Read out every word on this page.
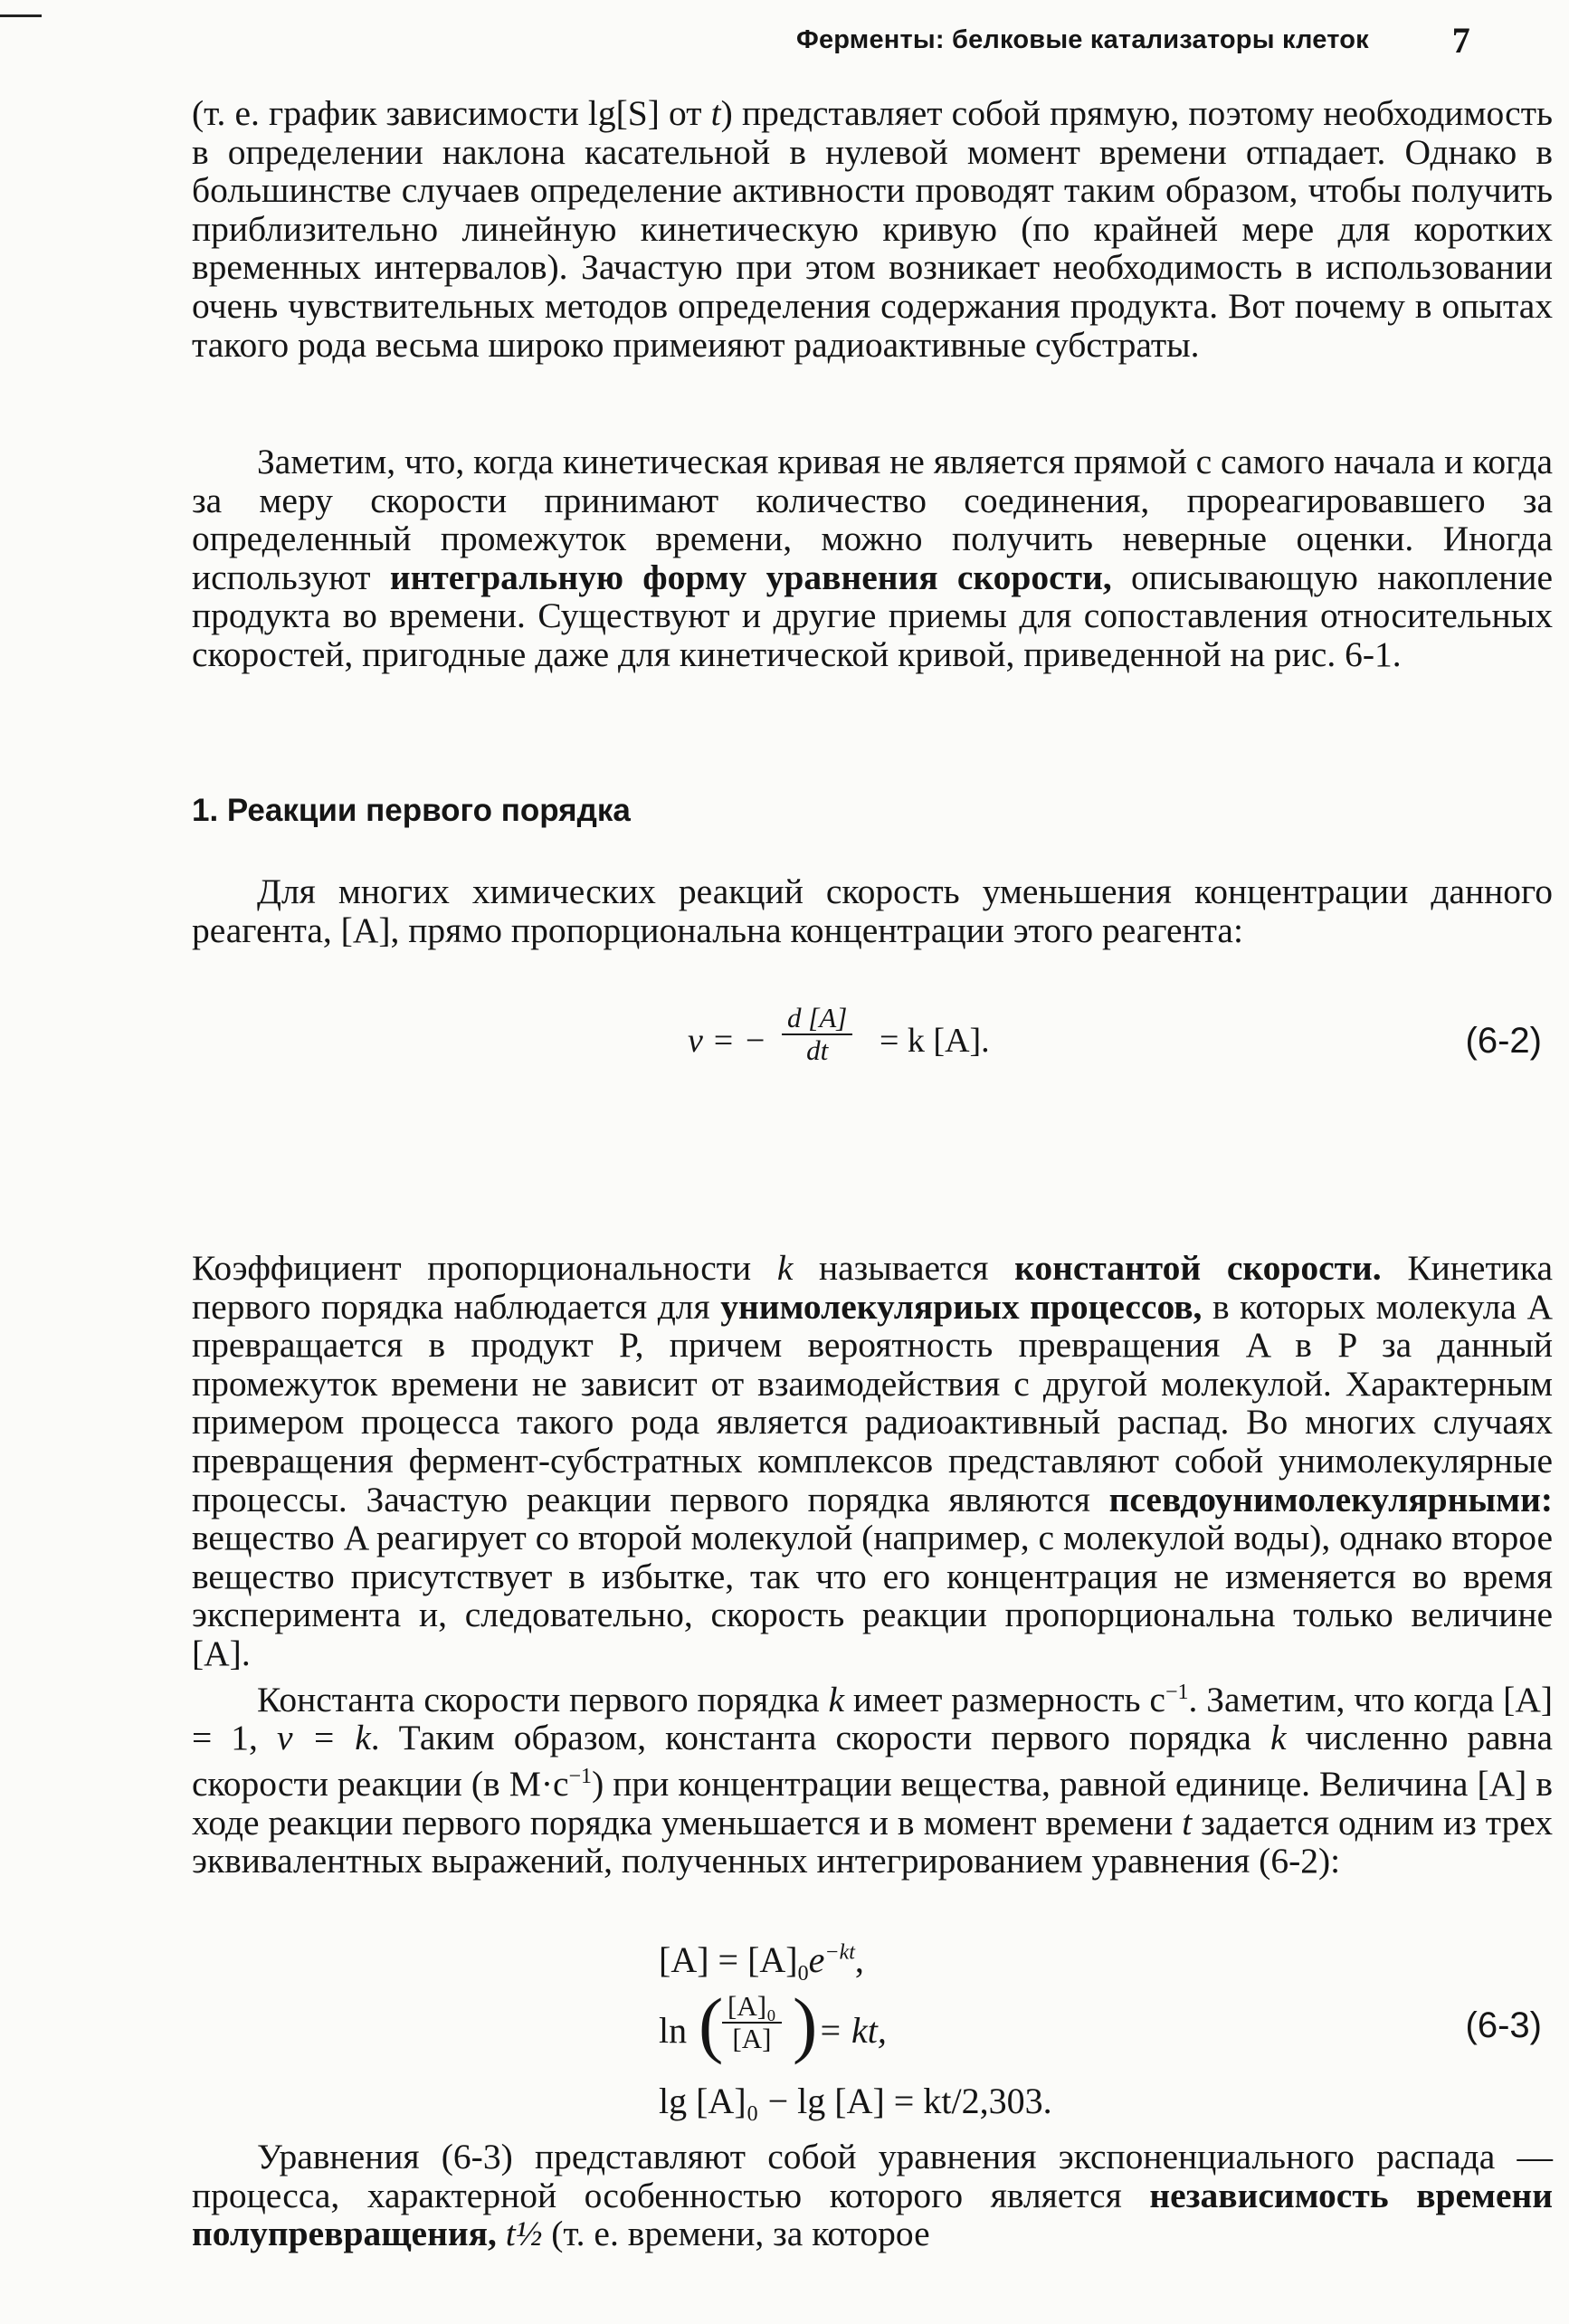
Ферменты: белковые катализаторы клеток 7

(т. е. график зависимости lg[S] от t) представляет собой прямую, поэтому необходимость в определении наклона касательной в нулевой момент времени отпадает. Однако в большинстве случаев определение активности проводят таким образом, чтобы получить приблизительно линейную кинетическую кривую (по крайней мере для коротких временных интервалов). Зачастую при этом возникает необходимость в использовании очень чувствительных методов определения содержания продукта. Вот почему в опытах такого рода весьма широко примеияют радиоактивные субстраты.

Заметим, что, когда кинетическая кривая не является прямой с самого начала и когда за меру скорости принимают количество соединения, прореагировавшего за определенный промежуток времени, можно получить неверные оценки. Иногда используют интегральную форму уравнения скорости, описывающую накопление продукта во времени. Существуют и другие приемы для сопоставления относительных скоростей, пригодные даже для кинетической кривой, приведенной на рис. 6-1.

1. Реакции первого порядка

Для многих химических реакций скорость уменьшения концентрации данного реагента, [A], прямо пропорциональна концентрации этого реагента:

v = − $\frac{d [A]}{dt} = k$ [A].	(6-2)

Коэффициент пропорциональности k называется константой скорости. Кинетика первого порядка наблюдается для унимолекуляриых процессов, в которых молекула A превращается в продукт P, причем вероятность превращения A в P за данный промежуток времени не зависит от взаимодействия с другой молекулой. Характерным примером процесса такого рода является радиоактивный распад. Во многих случаях превращения фермент-субстратных комплексов представляют собой унимолекулярные процессы. Зачастую реакции первого порядка являются псевдоунимолекулярными: вещество A реагирует со второй молекулой (например, с молекулой воды), однако второе вещество присутствует в избытке, так что его концентрация не изменяется во время эксперимента и, следовательно, скорость реакции пропорциональна только величине [A].

Константа скорости первого порядка k имеет размерность $с^{-1}$. Заметим, что когда [A] = 1, v = k. Таким образом, константа скорости первого порядка k численно равна скорости реакции (в $M\cdot c^{-1}$) при концентрации вещества, равной единице. Величина [A] в ходе реакции первого порядка уменьшается и в момент времени t задается одним из трех эквивалентных выражений, полученных интегрированием уравнения (6-2):

$[A] = [A]_0e^{-kt}$,
ln (
$\frac{\text{[A]₀}}{[A]}$ ) = kt,	(6-3)
lg [A]₀ − lg [A] = kt/2,303.

Уравнения (6-3) представляют собой уравнения экспоненциального распада — процесса, характерной особенностью которого является независимость времени полупревращения, t½ (т. е. времени, за которое
